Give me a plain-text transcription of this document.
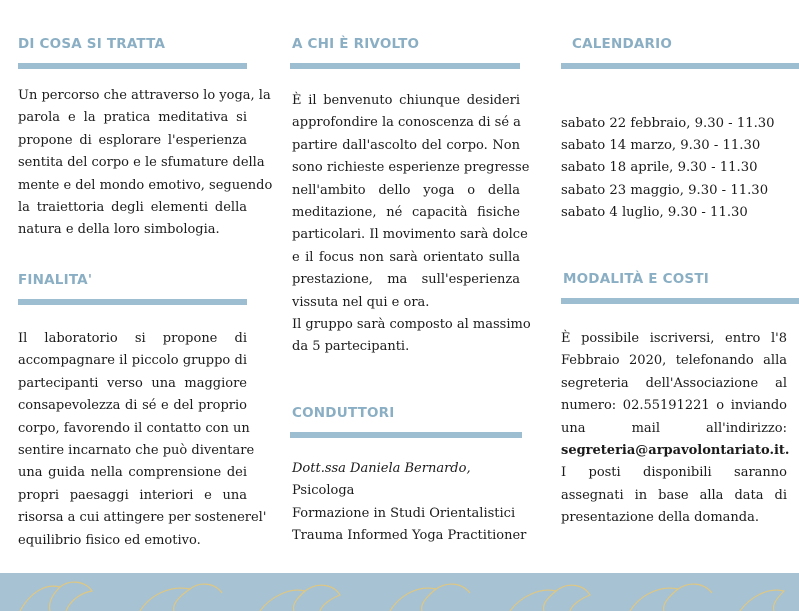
DI COSA SI TRATTA
Un percorso che attraverso lo yoga, la
parola e la pratica meditativa si
propone di esplorare l'esperienza
sentita del corpo e le sfumature della
mente e del mondo emotivo, seguendo
la traiettoria degli elementi della
natura e della loro simbologia.
FINALITA'
Il laboratorio si propone di
accompagnare il piccolo gruppo di
partecipanti verso una maggiore
consapevolezza di sé e del proprio
corpo, favorendo il contatto con un
sentire incarnato che può diventare
una guida nella comprensione dei
propri paesaggi interiori e una
risorsa a cui attingere per sostenerel'
equilibrio fisico ed emotivo.
A CHI È RIVOLTO
È il benvenuto chiunque desideri
approfondire la conoscenza di sé a
partire dall'ascolto del corpo. Non
sono richieste esperienze pregresse
nell'ambito dello yoga o della
meditazione, né capacità fisiche
particolari. Il movimento sarà dolce
e il focus non sarà orientato sulla
prestazione, ma sull'esperienza
vissuta nel qui e ora.
Il gruppo sarà composto al massimo
da 5 partecipanti.
CONDUTTORI
Dott.ssa Daniela Bernardo,
Psicologa
Formazione in Studi Orientalistici
Trauma Informed Yoga Practitioner
CALENDARIO
sabato 22 febbraio, 9.30 - 11.30
sabato 14 marzo, 9.30 - 11.30
sabato 18 aprile, 9.30 - 11.30
sabato 23 maggio, 9.30 - 11.30
sabato 4 luglio, 9.30 - 11.30
MODALITÀ E COSTI
È possibile iscriversi, entro l'8
Febbraio 2020, telefonando alla
segreteria dell'Associazione al
numero: 02.55191221 o inviando
una mail all'indirizzo:
segreteria@arpavolontariato.it.
I posti disponibili saranno
assegnati in base alla data di
presentazione della domanda.
